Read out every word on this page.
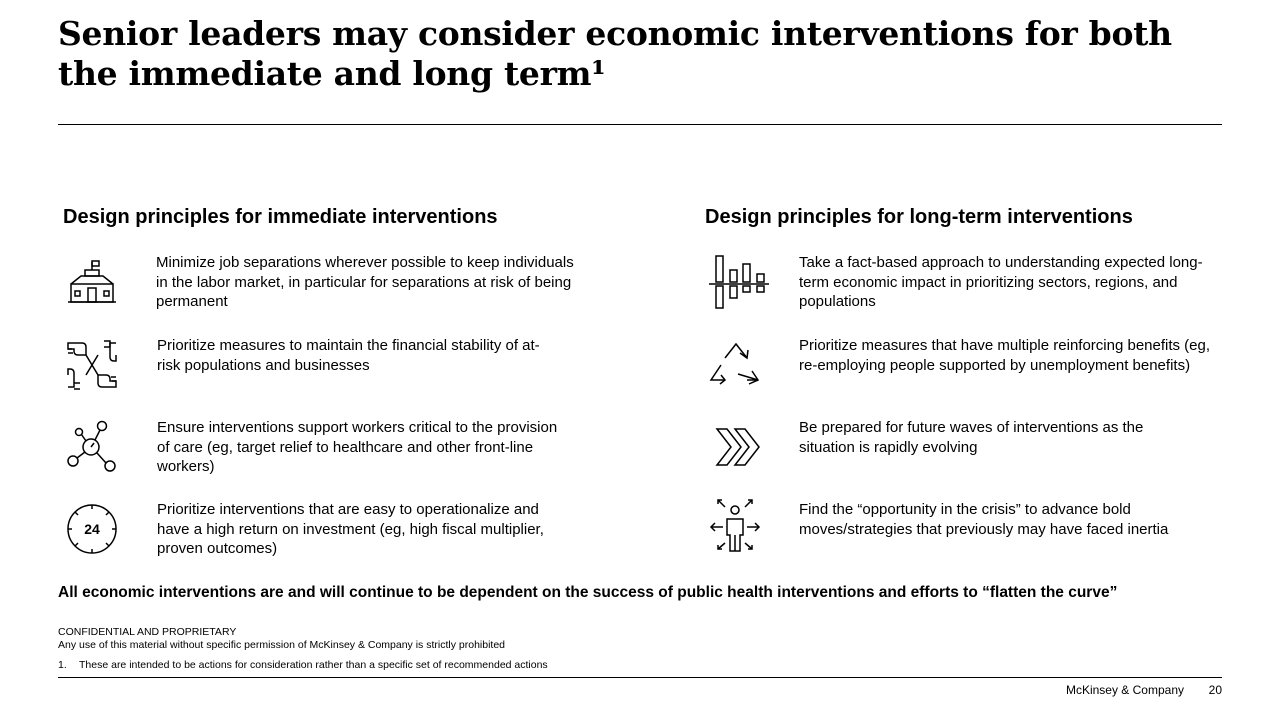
Senior leaders may consider economic interventions for both the immediate and long term¹
Design principles for immediate interventions

Minimize job separations wherever possible to keep individuals in the labor market, in particular for separations at risk of being permanent

Prioritize measures to maintain the financial stability of at-risk populations and businesses

Ensure interventions support workers critical to the provision of care (eg, target relief to healthcare and other front-line workers)

24

Prioritize interventions that are easy to operationalize and have a high return on investment (eg, high fiscal multiplier, proven outcomes)

Design principles for long-term interventions

Take a fact-based approach to understanding expected long-term economic impact in prioritizing sectors, regions, and populations

Prioritize measures that have multiple reinforcing benefits (eg, re-employing people supported by unemployment benefits)

Be prepared for future waves of interventions as the situation is rapidly evolving

Find the “opportunity in the crisis” to advance bold moves/strategies that previously may have faced inertia

All economic interventions are and will continue to be dependent on the success of public health interventions and efforts to “flatten the curve”

CONFIDENTIAL AND PROPRIETARY

Any use of this material without specific permission of McKinsey & Company is strictly prohibited

1. These are intended to be actions for consideration rather than a specific set of recommended actions

McKinsey & Company 20
